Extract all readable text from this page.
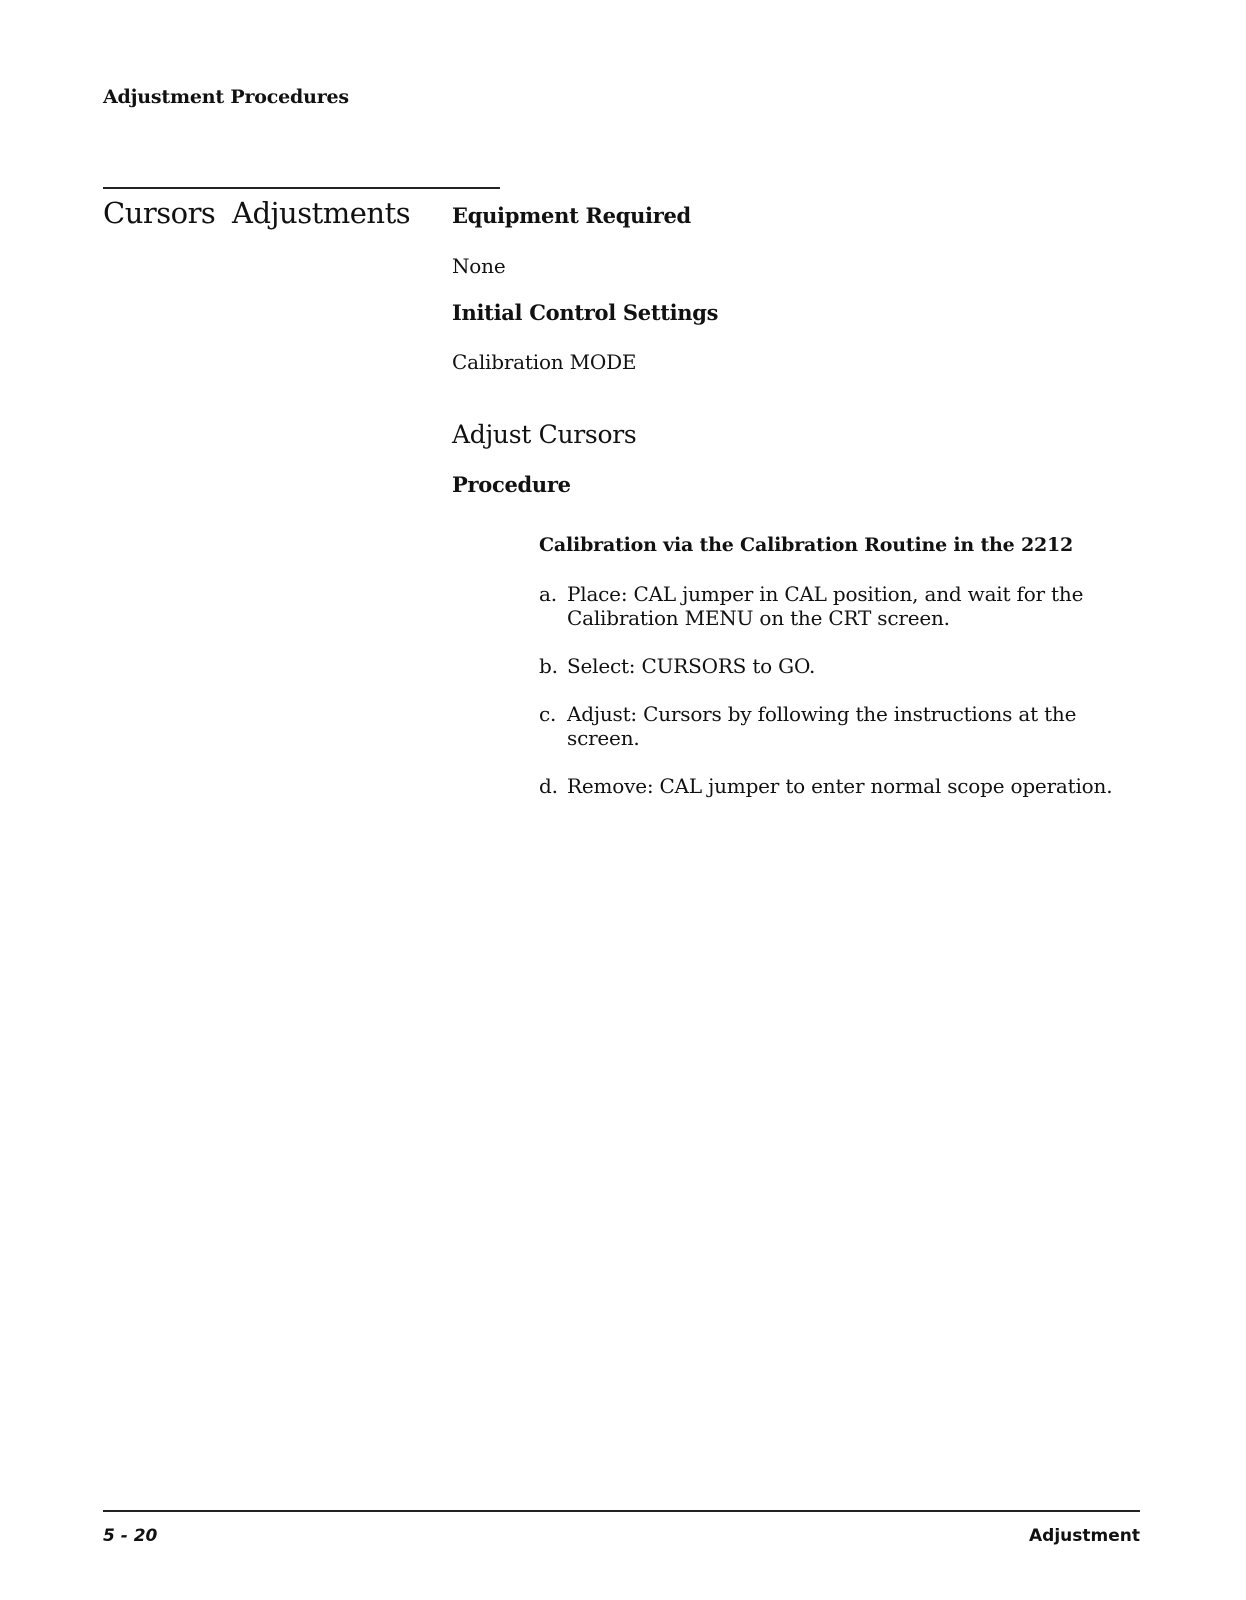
Adjustment Procedures
Cursors Adjustments Equipment Required
None
Initial Control Settings
Calibration MODE
Adjust Cursors
Procedure
Calibration via the Calibration Routine in the 2212
a. Place: CAL jumper in CAL position, and wait for the Calibration MENU on the CRT screen.
b. Select: CURSORS to GO.
c. Adjust: Cursors by following the instructions at the screen.
d. Remove: CAL jumper to enter normal scope operation.
5 - 20	Adjustment
